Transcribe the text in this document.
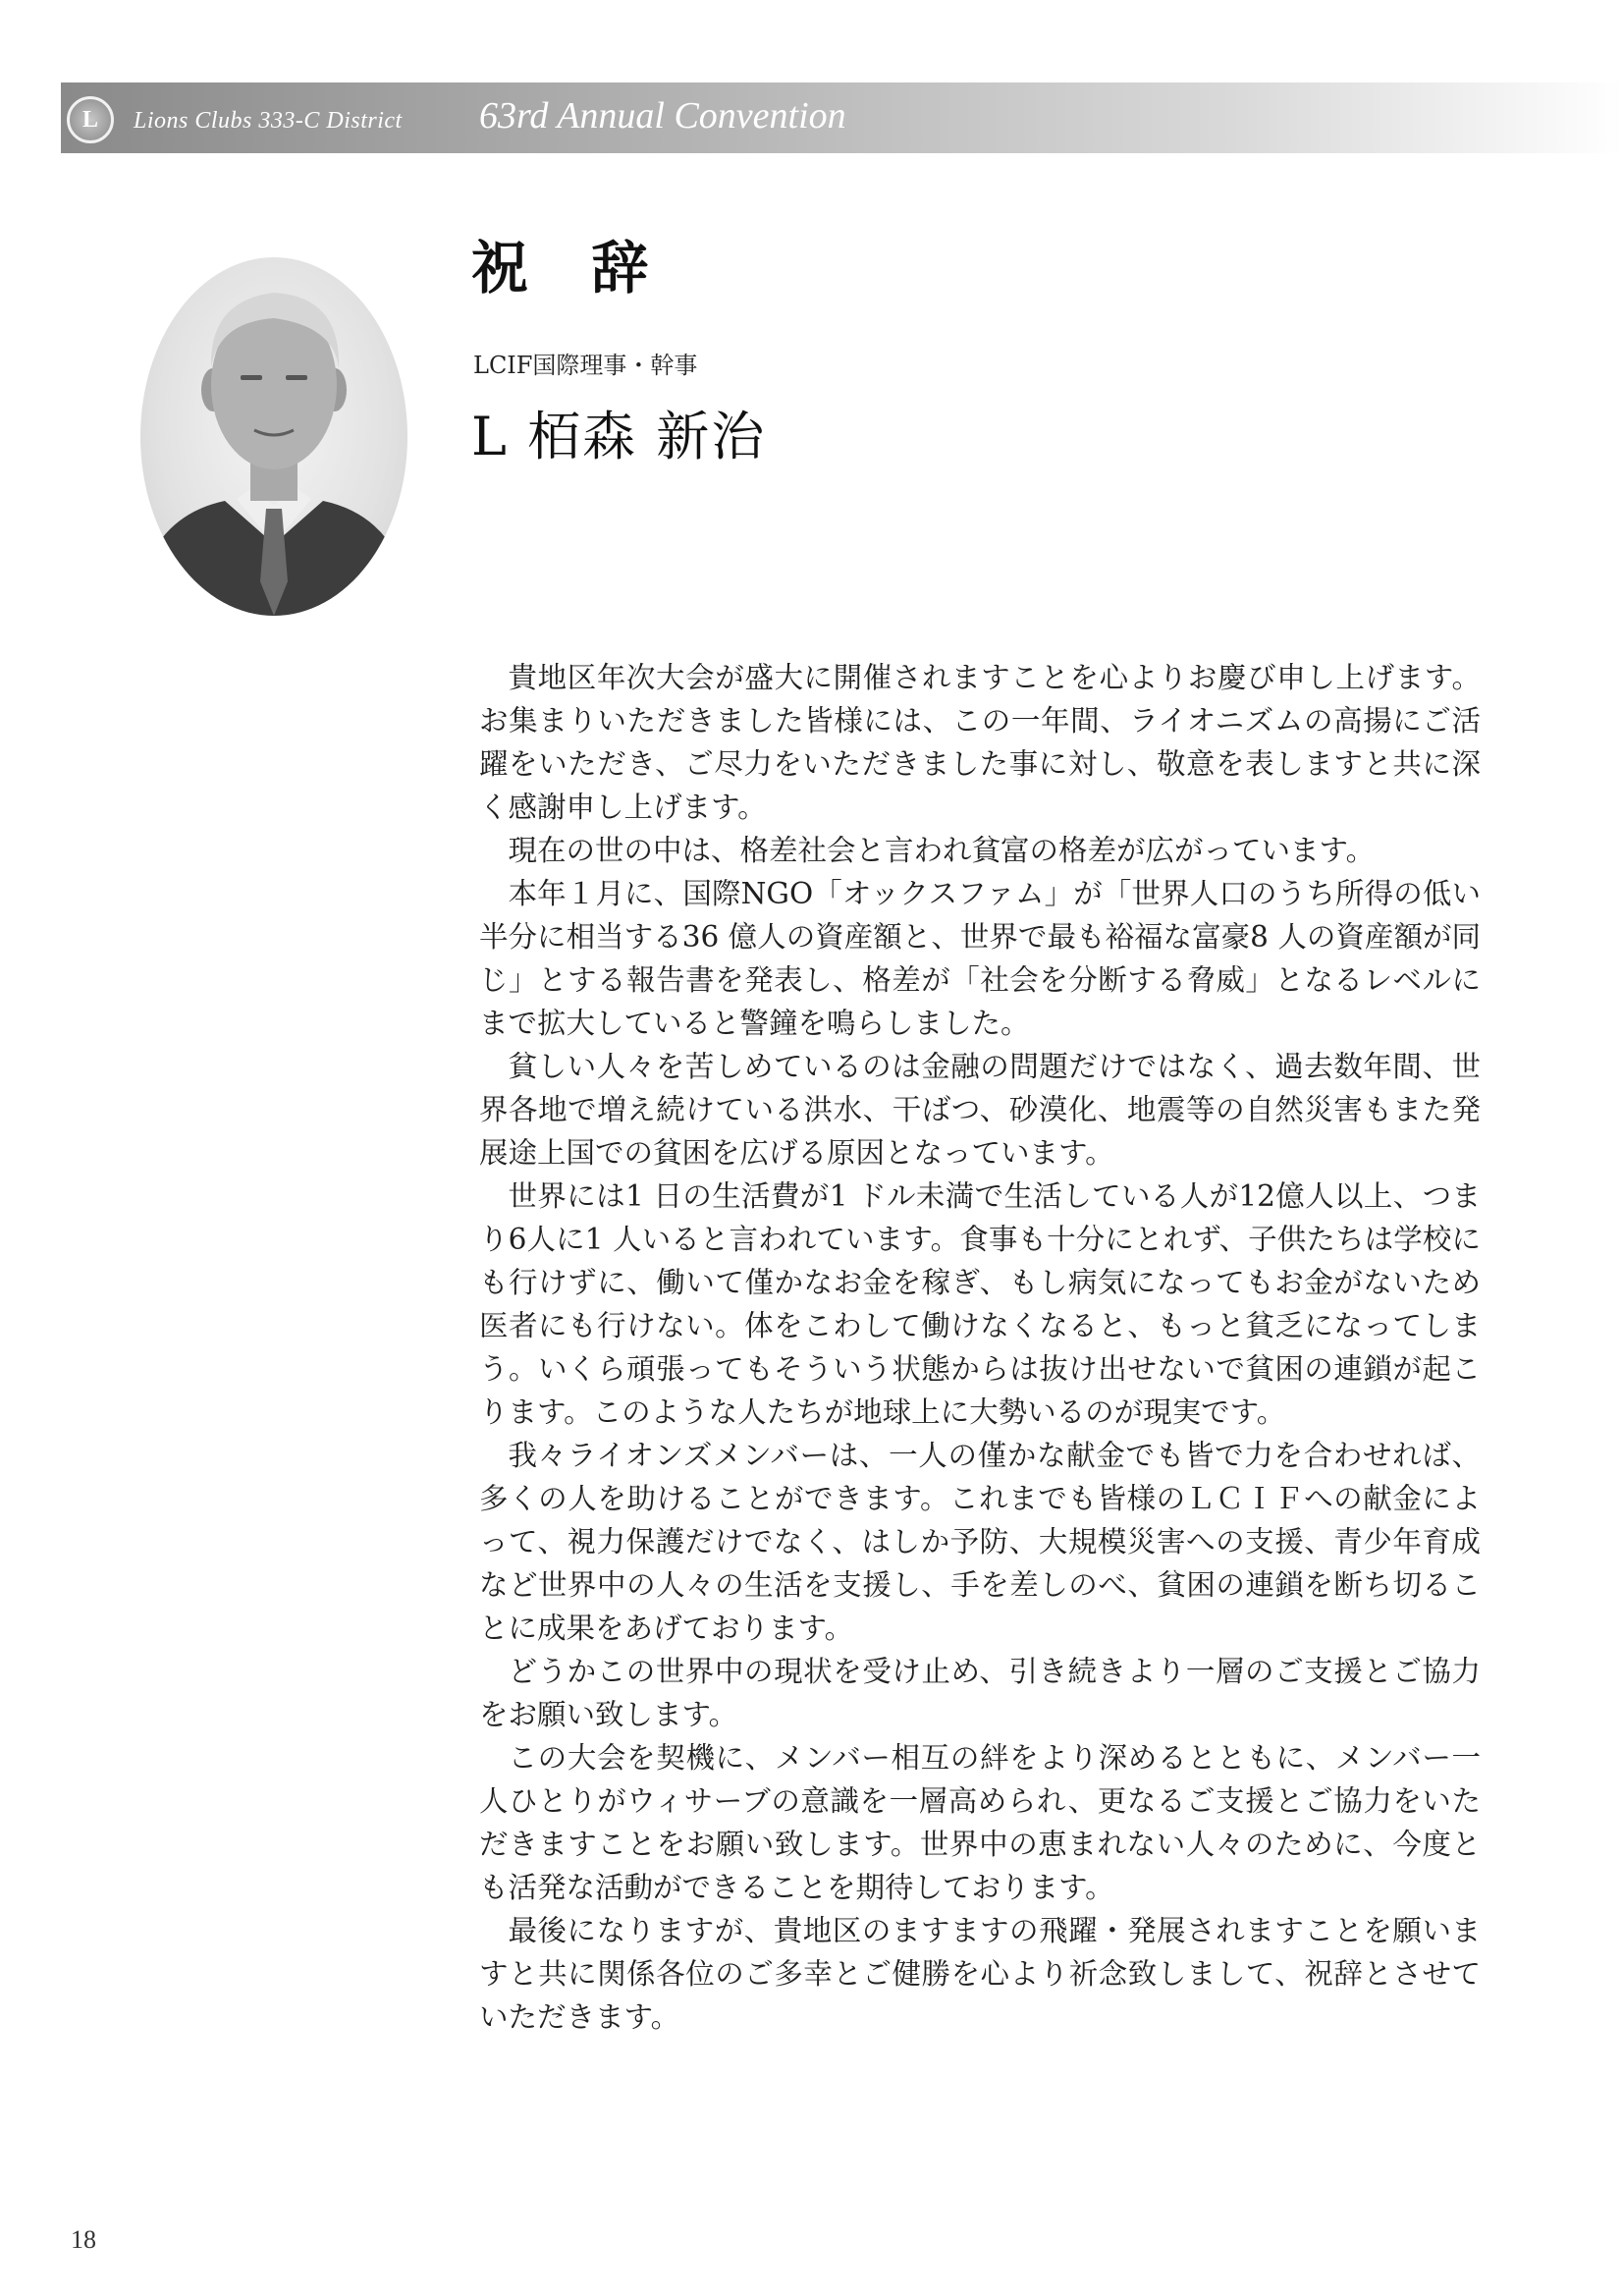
L	Lions Clubs 333-C District 63rd Annual Convention
祝 辞
LCIF国際理事・幹事
L 栢森 新治

貴地区年次大会が盛大に開催されますことを心よりお慶び申し上げます。お集まりいただきました皆様には、この一年間、ライオニズムの高揚にご活躍をいただき、ご尽力をいただきました事に対し、敬意を表しますと共に深く感謝申し上げます。

現在の世の中は、格差社会と言われ貧富の格差が広がっています。

本年１月に、国際NGO「オックスファム」が「世界人口のうち所得の低い半分に相当する36 億人の資産額と、世界で最も裕福な富豪8 人の資産額が同じ」とする報告書を発表し、格差が「社会を分断する脅威」となるレベルにまで拡大していると警鐘を鳴らしました。

貧しい人々を苦しめているのは金融の問題だけではなく、過去数年間、世界各地で増え続けている洪水、干ばつ、砂漠化、地震等の自然災害もまた発展途上国での貧困を広げる原因となっています。

世界には1 日の生活費が1 ドル未満で生活している人が12億人以上、つまり6人に1 人いると言われています。食事も十分にとれず、子供たちは学校にも行けずに、働いて僅かなお金を稼ぎ、もし病気になってもお金がないため医者にも行けない。体をこわして働けなくなると、もっと貧乏になってしまう。いくら頑張ってもそういう状態からは抜け出せないで貧困の連鎖が起こります。このような人たちが地球上に大勢いるのが現実です。

我々ライオンズメンバーは、一人の僅かな献金でも皆で力を合わせれば、多くの人を助けることができます。これまでも皆様のＬＣＩＦへの献金によって、視力保護だけでなく、はしか予防、大規模災害への支援、青少年育成など世界中の人々の生活を支援し、手を差しのべ、貧困の連鎖を断ち切ることに成果をあげております。

どうかこの世界中の現状を受け止め、引き続きより一層のご支援とご協力をお願い致します。

この大会を契機に、メンバー相互の絆をより深めるとともに、メンバー一人ひとりがウィサーブの意識を一層高められ、更なるご支援とご協力をいただきますことをお願い致します。世界中の恵まれない人々のために、今度とも活発な活動ができることを期待しております。

最後になりますが、貴地区のますますの飛躍・発展されますことを願いますと共に関係各位のご多幸とご健勝を心より祈念致しまして、祝辞とさせていただきます。

18
